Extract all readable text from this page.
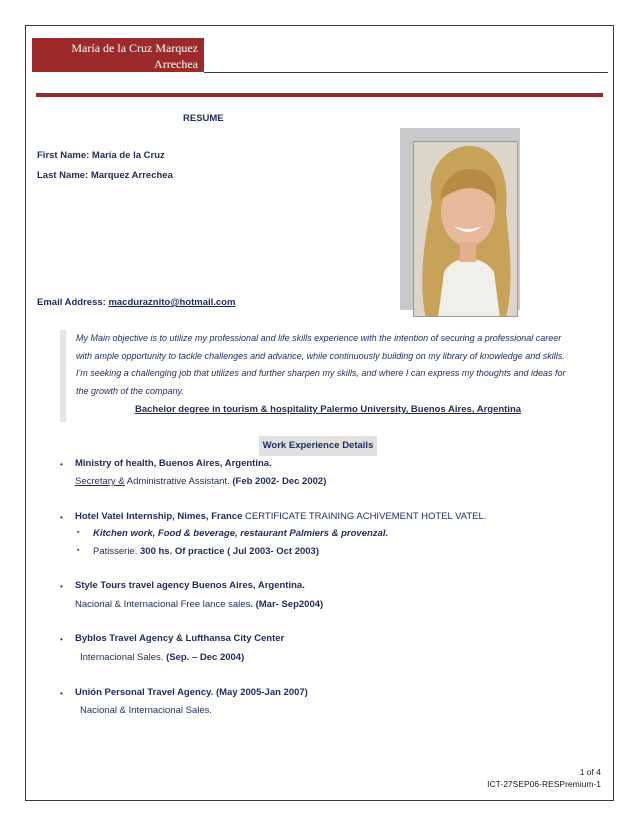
María de la Cruz Marquez
Arrechea
RESUME
First Name: María de la Cruz
Last Name: Marquez Arrechea
Email Address: macduraznito@hotmail.com
My Main objective is to utilize my professional and life skills experience with the intention of securing a professional career
with ample opportunity to tackle challenges and advance, while continuously building on my library of knowledge and skills.
I'm seeking a challenging job that utilizes and further sharpen my skills, and where I can express my thoughts and ideas for
the growth of the company.
Bachelor degree in tourism & hospitality Palermo University, Buenos Aires, Argentina
Work Experience Details
• Ministry of health, Buenos Aires, Argentina.
Secretary & Administrative Assistant. (Feb 2002- Dec 2002)
• Hotel Vatel Internship, Nimes, France CERTIFICATE TRAINING ACHIVEMENT HOTEL VATEL.
▪ Kitchen work, Food & beverage, restaurant Palmiers & provenzal.
▪ Patisserie. 300 hs. Of practice ( Jul 2003- Oct 2003)
• Style Tours travel agency Buenos Aires, Argentina.
Nacional & Internacional Free lance sales. (Mar- Sep2004)
• Byblos Travel Agency & Lufthansa City Center
Internacional Sales. (Sep. – Dec 2004)
• Unión Personal Travel Agency. (May 2005-Jan 2007)
Nacional & Internacional Sales.
1 of 4
ICT-27SEP06-RESPremium-1
